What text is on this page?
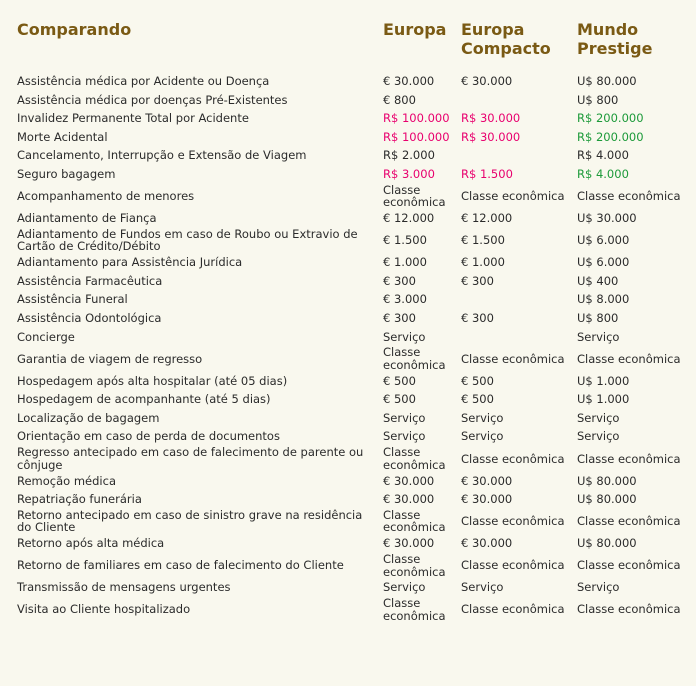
Comparando	Europa	Europa Compacto	Mundo Prestige

Assistência médica por Acidente ou Doença	€ 30.000	€ 30.000	U$ 80.000
Assistência médica por doenças Pré-Existentes	€ 800		U$ 800
Invalidez Permanente Total por Acidente	R$ 100.000	R$ 30.000	R$ 200.000
Morte Acidental	R$ 100.000	R$ 30.000	R$ 200.000
Cancelamento, Interrupção e Extensão de Viagem	R$ 2.000		R$ 4.000
Seguro bagagem	R$ 3.000	R$ 1.500	R$ 4.000
Acompanhamento de menores	Classe econômica	Classe econômica	Classe econômica
Adiantamento de Fiança	€ 12.000	€ 12.000	U$ 30.000
Adiantamento de Fundos em caso de Roubo ou Extravio de Cartão de Crédito/Débito	€ 1.500	€ 1.500	U$ 6.000
Adiantamento para Assistência Jurídica	€ 1.000	€ 1.000	U$ 6.000
Assistência Farmacêutica	€ 300	€ 300	U$ 400
Assistência Funeral	€ 3.000		U$ 8.000
Assistência Odontológica	€ 300	€ 300	U$ 800
Concierge	Serviço		Serviço
Garantia de viagem de regresso	Classe econômica	Classe econômica	Classe econômica
Hospedagem após alta hospitalar (até 05 dias)	€ 500	€ 500	U$ 1.000
Hospedagem de acompanhante (até 5 dias)	€ 500	€ 500	U$ 1.000
Localização de bagagem	Serviço	Serviço	Serviço
Orientação em caso de perda de documentos	Serviço	Serviço	Serviço
Regresso antecipado em caso de falecimento de parente ou cônjuge	Classe econômica	Classe econômica	Classe econômica
Remoção médica	€ 30.000	€ 30.000	U$ 80.000
Repatriação funerária	€ 30.000	€ 30.000	U$ 80.000
Retorno antecipado em caso de sinistro grave na residência do Cliente	Classe econômica	Classe econômica	Classe econômica
Retorno após alta médica	€ 30.000	€ 30.000	U$ 80.000
Retorno de familiares em caso de falecimento do Cliente	Classe econômica	Classe econômica	Classe econômica
Transmissão de mensagens urgentes	Serviço	Serviço	Serviço
Visita ao Cliente hospitalizado	Classe econômica	Classe econômica	Classe econômica
